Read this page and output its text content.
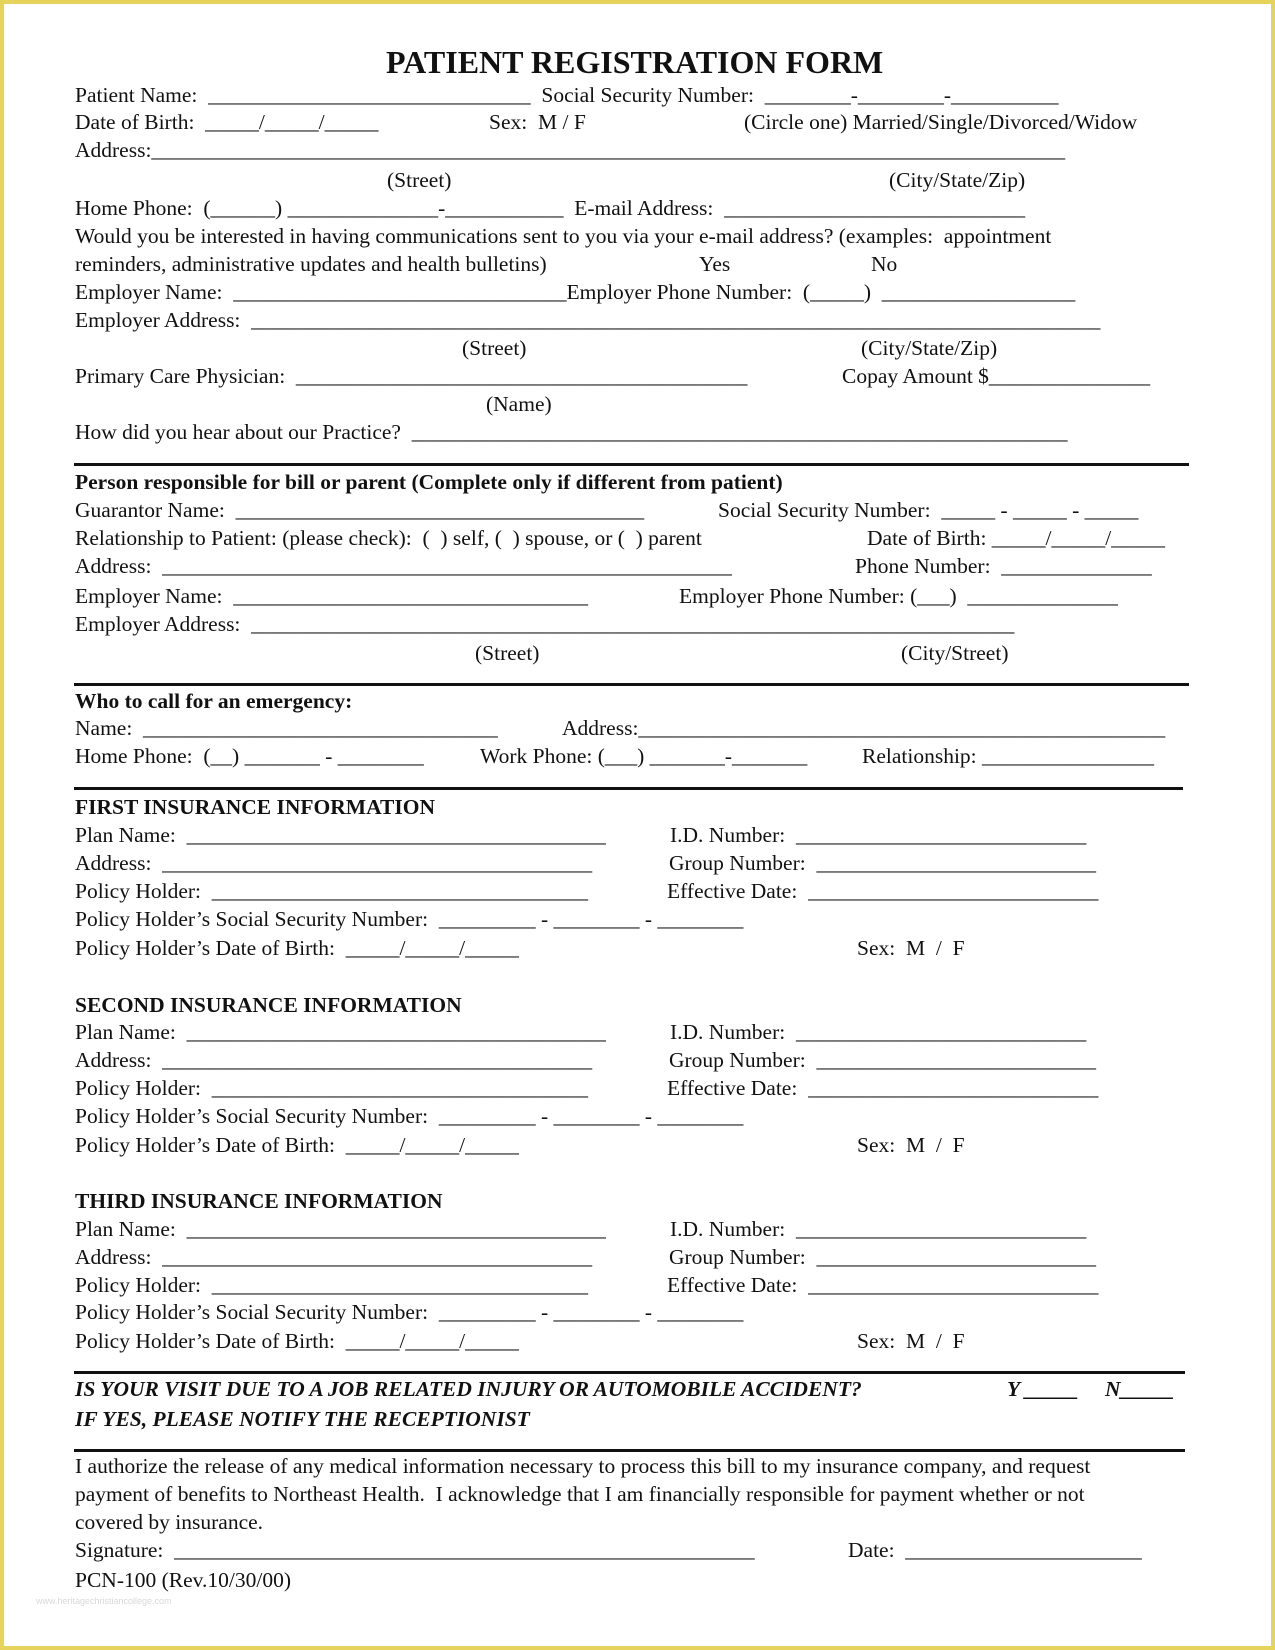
PATIENT REGISTRATION FORM
Patient Name:  ______________________________  Social Security Number:  ________-________-__________
Date of Birth:  _____/_____/_____	Sex:  M / F	(Circle one) Married/Single/Divorced/Widow
Address:_____________________________________________________________________________________
(Street)	(City/State/Zip)
Home Phone:  (______) ______________-___________  E-mail Address:  ____________________________
Would you be interested in having communications sent to you via your e-mail address? (examples:  appointment
reminders, administrative updates and health bulletins)	Yes	No
Employer Name:  _______________________________Employer Phone Number:  (_____)  __________________
Employer Address:  _______________________________________________________________________________
(Street)	(City/State/Zip)
Primary Care Physician:  __________________________________________	Copay Amount $_______________
(Name)
How did you hear about our Practice?  _____________________________________________________________
Person responsible for bill or parent (Complete only if different from patient)
Guarantor Name:  ______________________________________	Social Security Number:  _____ - _____ - _____
Relationship to Patient: (please check):  (  ) self, (  ) spouse, or (  ) parent	Date of Birth: _____/_____/_____
Address:  _____________________________________________________	Phone Number:  ______________
Employer Name:  _________________________________	Employer Phone Number: (___)  ______________
Employer Address:  _______________________________________________________________________
(Street)	(City/Street)
Who to call for an emergency:
Name:  _________________________________	Address:_________________________________________________
Home Phone:  (__) _______ - ________	Work Phone: (___) _______-_______	Relationship: ________________
FIRST INSURANCE INFORMATION
Plan Name:  _______________________________________	I.D. Number:  ___________________________
Address:  ________________________________________	Group Number:  __________________________
Policy Holder:  ___________________________________	Effective Date:  ___________________________
Policy Holder’s Social Security Number:  _________ - ________ - ________
Policy Holder’s Date of Birth:  _____/_____/_____	Sex:  M  /  F
SECOND INSURANCE INFORMATION
Plan Name:  _______________________________________	I.D. Number:  ___________________________
Address:  ________________________________________	Group Number:  __________________________
Policy Holder:  ___________________________________	Effective Date:  ___________________________
Policy Holder’s Social Security Number:  _________ - ________ - ________
Policy Holder’s Date of Birth:  _____/_____/_____	Sex:  M  /  F
THIRD INSURANCE INFORMATION
Plan Name:  _______________________________________	I.D. Number:  ___________________________
Address:  ________________________________________	Group Number:  __________________________
Policy Holder:  ___________________________________	Effective Date:  ___________________________
Policy Holder’s Social Security Number:  _________ - ________ - ________
Policy Holder’s Date of Birth:  _____/_____/_____	Sex:  M  /  F
IS YOUR VISIT DUE TO A JOB RELATED INJURY OR AUTOMOBILE ACCIDENT?	Y _____ N_____
IF YES, PLEASE NOTIFY THE RECEPTIONIST
I authorize the release of any medical information necessary to process this bill to my insurance company, and request
payment of benefits to Northeast Health.  I acknowledge that I am financially responsible for payment whether or not
covered by insurance.
Signature:  ______________________________________________________	Date:  ______________________
PCN-100 (Rev.10/30/00)
www.heritagechristiancollege.com
